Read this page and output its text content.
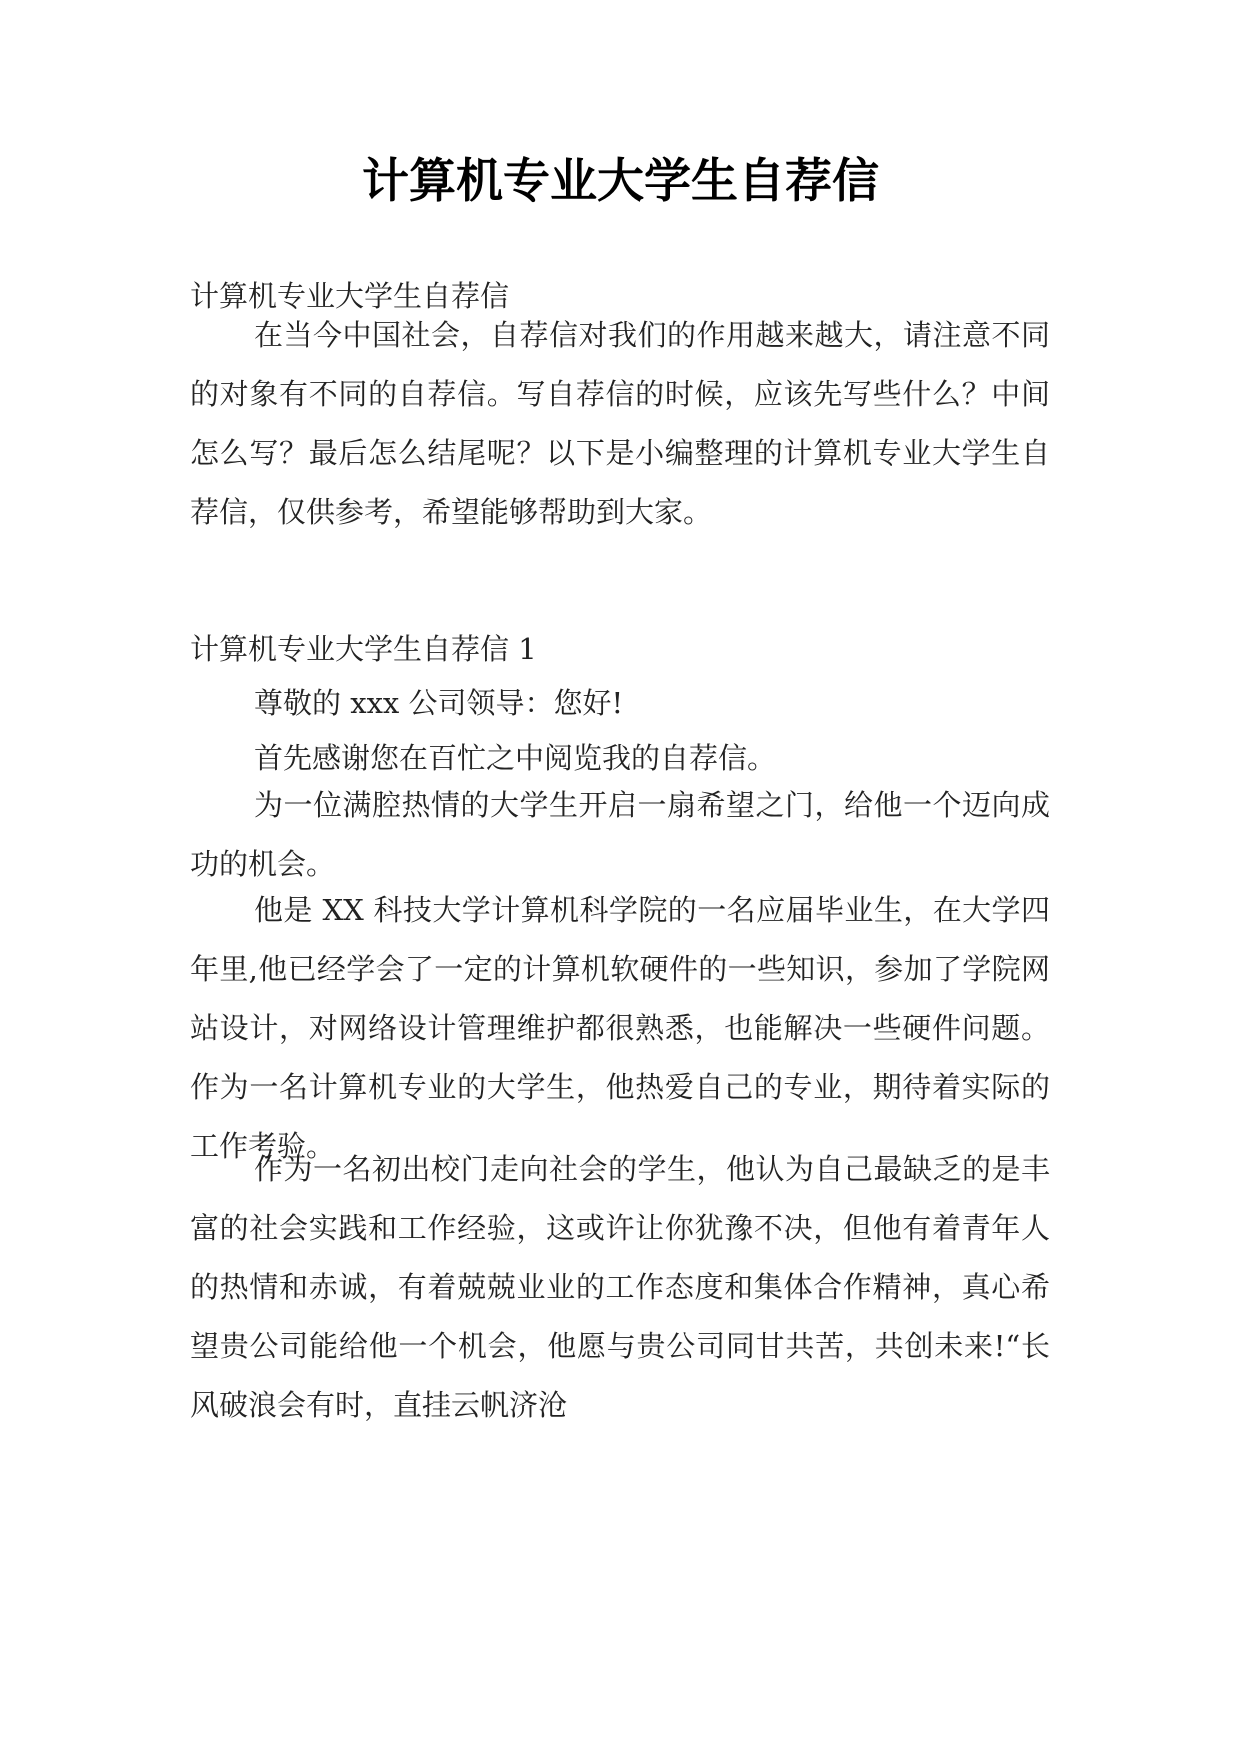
计算机专业大学生自荐信

计算机专业大学生自荐信

在当今中国社会，自荐信对我们的作用越来越大，请注意不同的对象有不同的自荐信。写自荐信的时候，应该先写些什么？中间怎么写？最后怎么结尾呢？以下是小编整理的计算机专业大学生自荐信，仅供参考，希望能够帮助到大家。

计算机专业大学生自荐信 1

尊敬的 xxx 公司领导：您好!

首先感谢您在百忙之中阅览我的自荐信。

为一位满腔热情的大学生开启一扇希望之门，给他一个迈向成功的机会。

他是 XX 科技大学计算机科学院的一名应届毕业生，在大学四年里,他已经学会了一定的计算机软硬件的一些知识，参加了学院网站设计，对网络设计管理维护都很熟悉，也能解决一些硬件问题。作为一名计算机专业的大学生，他热爱自己的专业，期待着实际的工作考验。

作为一名初出校门走向社会的学生，他认为自己最缺乏的是丰富的社会实践和工作经验，这或许让你犹豫不决，但他有着青年人的热情和赤诚，有着兢兢业业的工作态度和集体合作精神，真心希望贵公司能给他一个机会，他愿与贵公司同甘共苦，共创未来!“长风破浪会有时，直挂云帆济沧
